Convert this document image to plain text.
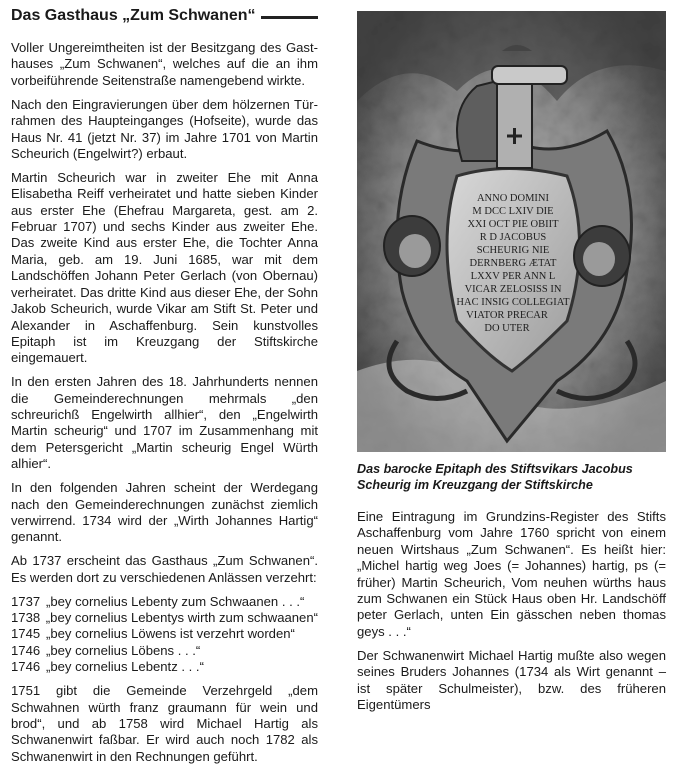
Das Gasthaus „Zum Schwanen“

Voller Ungereimtheiten ist der Besitzgang des Gasthauses „Zum Schwanen“, welches auf die an ihm vorbeiführende Seitenstraße namengebend wirkte.

Nach den Eingravierungen über dem hölzernen Türrahmen des Haupteinganges (Hofseite), wurde das Haus Nr. 41 (jetzt Nr. 37) im Jahre 1701 von Martin Scheurich (Engelwirt?) erbaut.

Martin Scheurich war in zweiter Ehe mit Anna Elisabetha Reiff verheiratet und hatte sieben Kinder aus erster Ehe (Ehefrau Margareta, gest. am 2. Februar 1707) und sechs Kinder aus zweiter Ehe. Das zweite Kind aus erster Ehe, die Tochter Anna Maria, geb. am 19. Juni 1685, war mit dem Landschöffen Johann Peter Gerlach (von Obernau) verheiratet. Das dritte Kind aus dieser Ehe, der Sohn Jakob Scheurich, wurde Vikar am Stift St. Peter und Alexander in Aschaffenburg. Sein kunstvolles Epitaph ist im Kreuzgang der Stiftskirche eingemauert.

In den ersten Jahren des 18. Jahrhunderts nennen die Gemeinderechnungen mehrmals „den schreurichß Engelwirth allhier“, den „Engelwirth Martin scheurig“ und 1707 im Zusammenhang mit dem Petersgericht „Martin scheurig Engel Würth alhier“.

In den folgenden Jahren scheint der Werdegang nach den Gemeinderechnungen zunächst ziemlich verwirrend. 1734 wird der „Wirth Johannes Hartig“ genannt.

Ab 1737 erscheint das Gasthaus „Zum Schwanen“. Es werden dort zu verschiedenen Anlässen verzehrt:

1737 „bey cornelius Lebenty zum Schwaanen . . .“
1738 „bey cornelius Lebentys wirth zum schwaanen“
1745 „bey cornelius Löwens ist verzehrt worden“
1746 „bey cornelius Löbens . . .“
1746 „bey cornelius Lebentz . . .“

1751 gibt die Gemeinde Verzehrgeld „dem Schwahnen würth franz graumann für wein und brod“, und ab 1758 wird Michael Hartig als Schwanenwirt faßbar. Er wird auch noch 1782 als Schwanenwirt in den Rechnungen geführt.

ANNO DOMINI
M DCC LXIV DIE
XXI OCT PIE OBIIT
R D JACOBUS
SCHEURIG NIE
DERNBERG ÆTAT
LXXV PER ANN L
VICAR ZELOSISS IN
HAC INSIG COLLEGIAT
VIATOR PRECAR
DO UTER
Das barocke Epitaph des Stiftsvikars Jacobus Scheurig im Kreuzgang der Stiftskirche

Eine Eintragung im Grundzins-Register des Stifts Aschaffenburg vom Jahre 1760 spricht von einem neuen Wirtshaus „Zum Schwanen“. Es heißt hier: „Michel hartig weg Joes (= Johannes) hartig, ps (= früher) Martin Scheurich, Vom neuhen würths haus zum Schwanen ein Stück Haus oben Hr. Landschöff peter Gerlach, unten Ein gässchen neben thomas geys . . .“

Der Schwanenwirt Michael Hartig mußte also wegen seines Bruders Johannes (1734 als Wirt genannt – ist später Schulmeister), bzw. des früheren Eigentümers
